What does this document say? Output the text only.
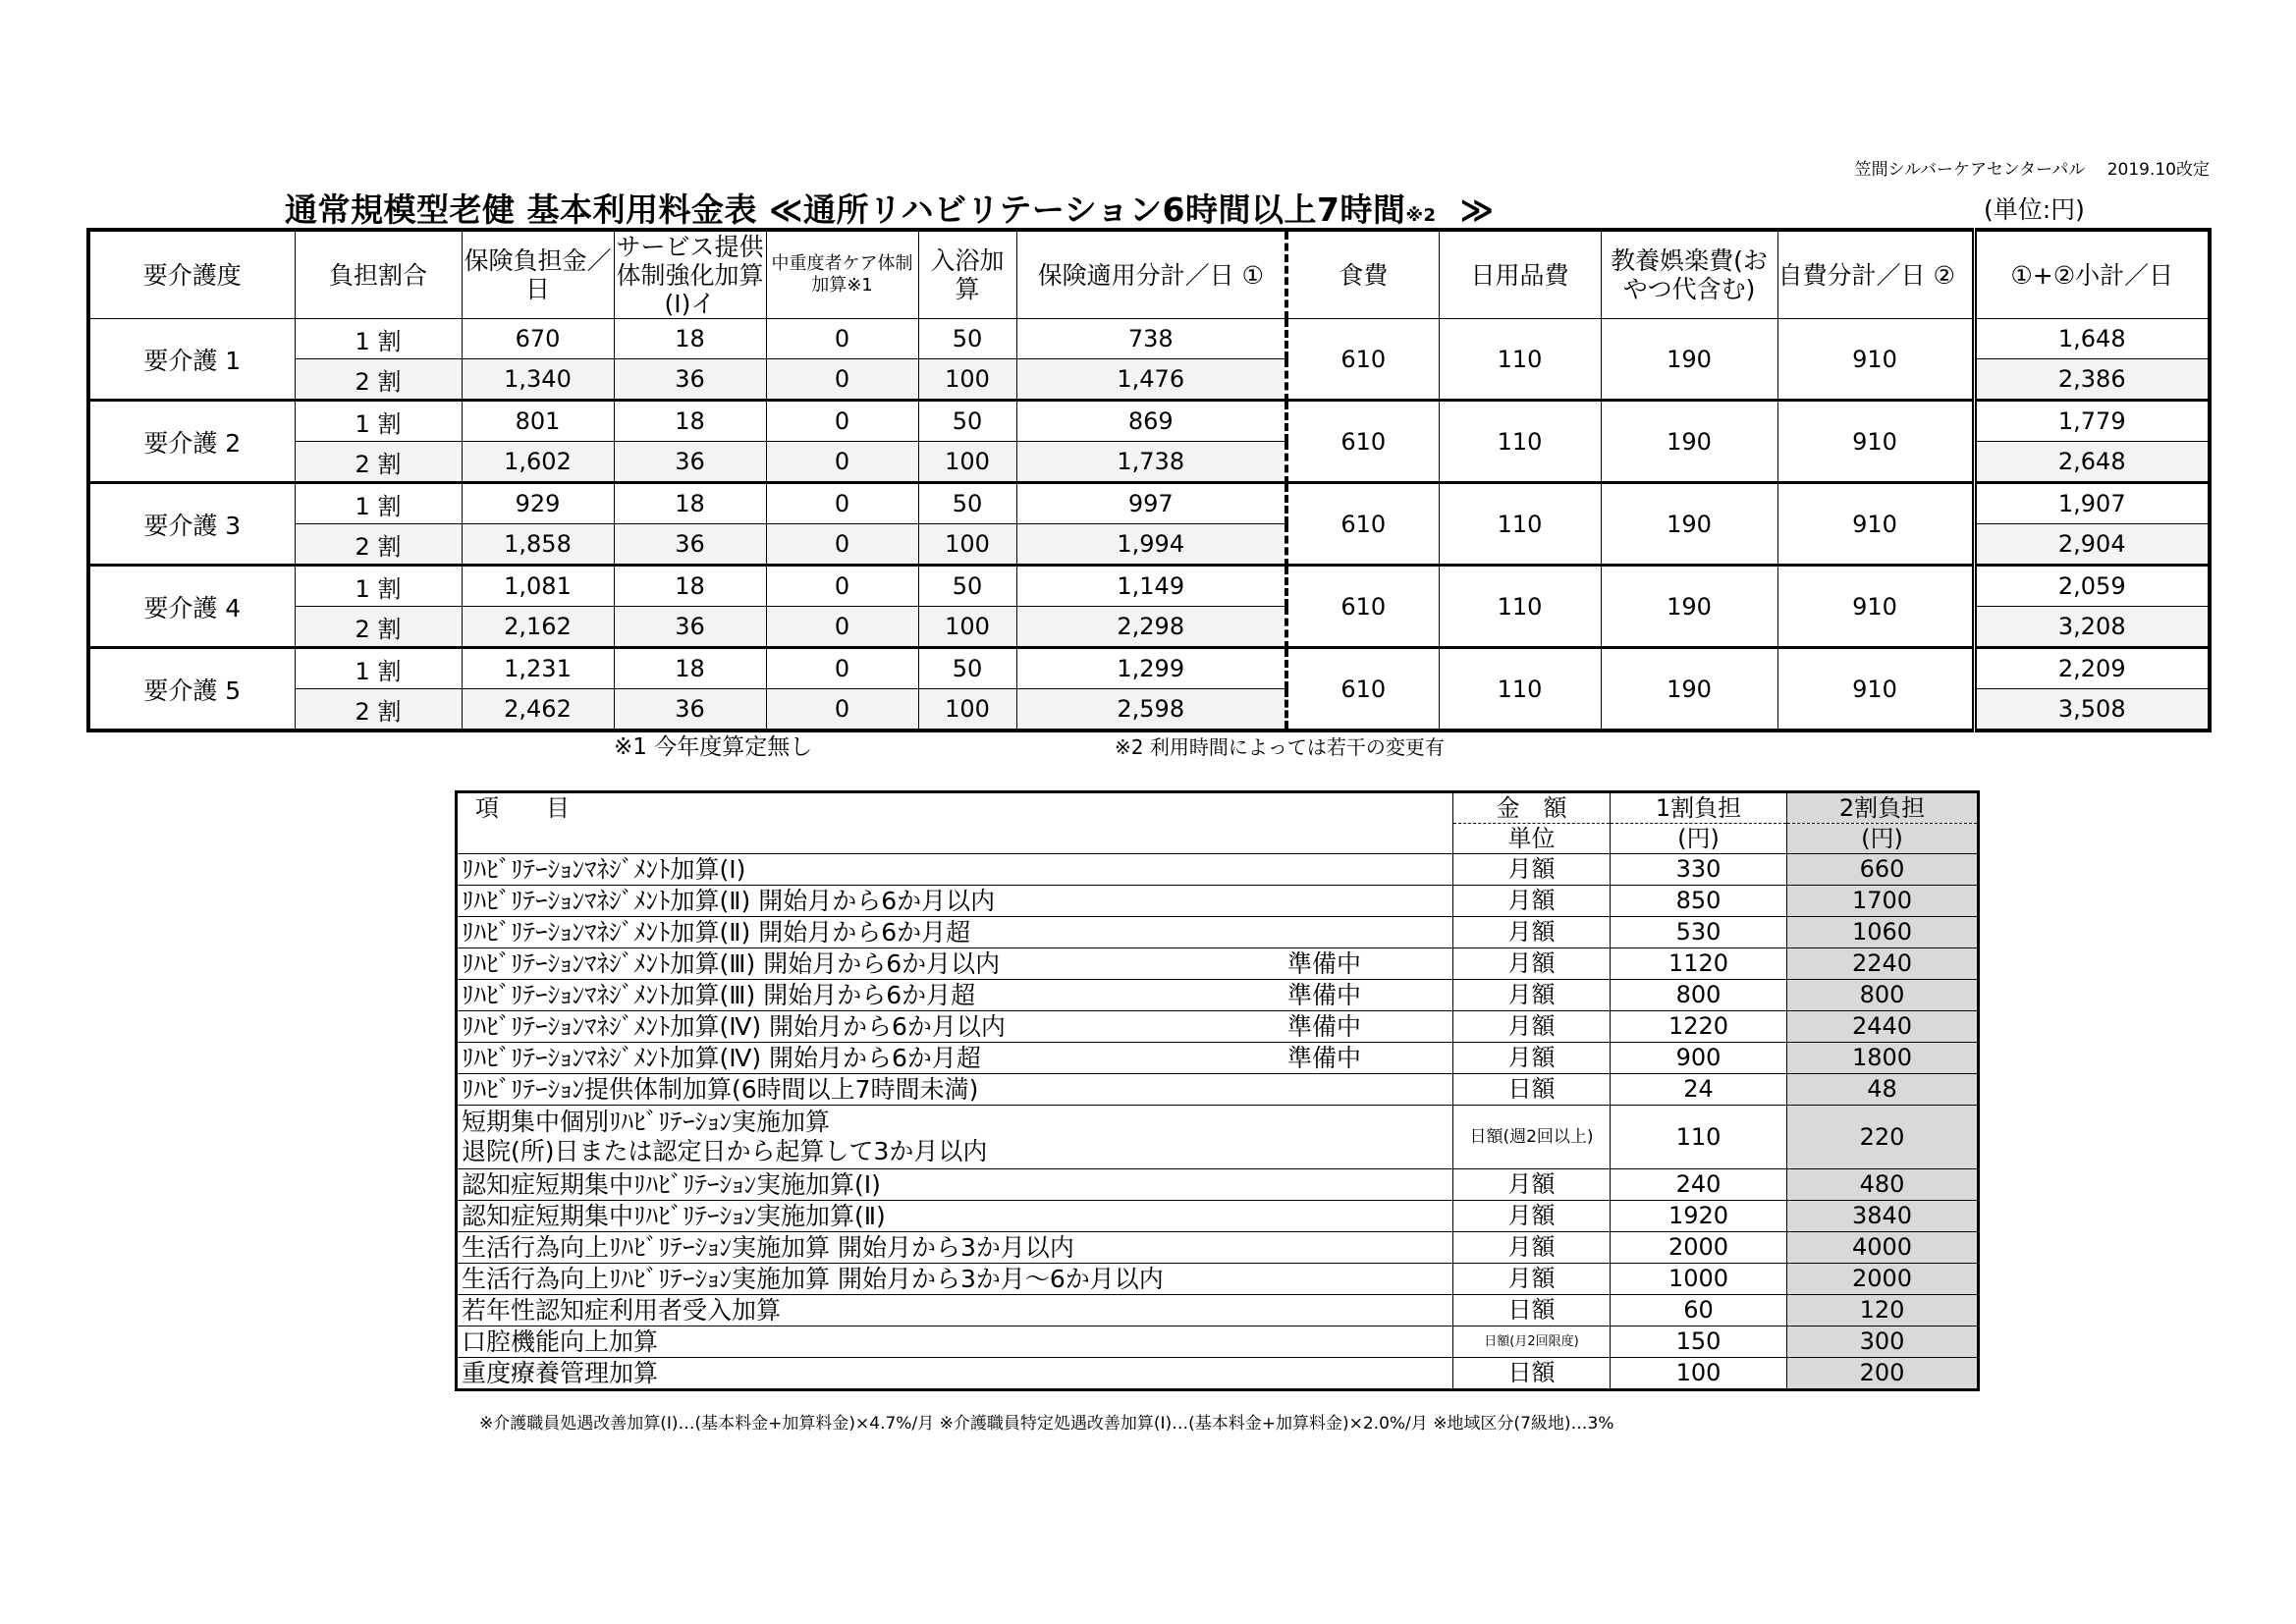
笠間シルバーケアセンターパル　 2019.10改定
通常規模型老健 基本利用料金表 ≪通所リハビリテーション6時間以上7時間※2 ≫	(単位:円)
要介護度	負担割合	保険負担金／日	サービス提供体制強化加算(Ⅰ)イ	中重度者ケア体制加算※1	入浴加算	保険適用分計／日 ①	食費	日用品費	教養娯楽費(おやつ代含む)	自費分計／日 ②	①+②小計／日
要介護 1	1 割	670	18	0	50	738	610	110	190	910	1,648
	2 割	1,340	36	0	100	1,476					2,386
要介護 2	1 割	801	18	0	50	869	610	110	190	910	1,779
	2 割	1,602	36	0	100	1,738					2,648
要介護 3	1 割	929	18	0	50	997	610	110	190	910	1,907
	2 割	1,858	36	0	100	1,994					2,904
要介護 4	1 割	1,081	18	0	50	1,149	610	110	190	910	2,059
	2 割	2,162	36	0	100	2,298					3,208
要介護 5	1 割	1,231	18	0	50	1,299	610	110	190	910	2,209
	2 割	2,462	36	0	100	2,598					3,508
※1 今年度算定無し	※2 利用時間によっては若干の変更有
項　　目	金　額	1割負担	2割負担
	単位	(円)	(円)
ﾘﾊﾋﾞﾘﾃｰｼｮﾝﾏﾈｼﾞﾒﾝﾄ加算(Ⅰ)	月額	330	660
ﾘﾊﾋﾞﾘﾃｰｼｮﾝﾏﾈｼﾞﾒﾝﾄ加算(Ⅱ) 開始月から6か月以内	月額	850	1700
ﾘﾊﾋﾞﾘﾃｰｼｮﾝﾏﾈｼﾞﾒﾝﾄ加算(Ⅱ) 開始月から6か月超	月額	530	1060
ﾘﾊﾋﾞﾘﾃｰｼｮﾝﾏﾈｼﾞﾒﾝﾄ加算(Ⅲ) 開始月から6か月以内 準備中	月額	1120	2240
ﾘﾊﾋﾞﾘﾃｰｼｮﾝﾏﾈｼﾞﾒﾝﾄ加算(Ⅲ) 開始月から6か月超 準備中	月額	800	800
ﾘﾊﾋﾞﾘﾃｰｼｮﾝﾏﾈｼﾞﾒﾝﾄ加算(Ⅳ) 開始月から6か月以内 準備中	月額	1220	2440
ﾘﾊﾋﾞﾘﾃｰｼｮﾝﾏﾈｼﾞﾒﾝﾄ加算(Ⅳ) 開始月から6か月超 準備中	月額	900	1800
ﾘﾊﾋﾞﾘﾃｰｼｮﾝ提供体制加算(6時間以上7時間未満)	日額	24	48
短期集中個別ﾘﾊﾋﾞﾘﾃｰｼｮﾝ実施加算
退院(所)日または認定日から起算して3か月以内	日額(週2回以上)	110	220
認知症短期集中ﾘﾊﾋﾞﾘﾃｰｼｮﾝ実施加算(Ⅰ)	月額	240	480
認知症短期集中ﾘﾊﾋﾞﾘﾃｰｼｮﾝ実施加算(Ⅱ)	月額	1920	3840
生活行為向上ﾘﾊﾋﾞﾘﾃｰｼｮﾝ実施加算 開始月から3か月以内	月額	2000	4000
生活行為向上ﾘﾊﾋﾞﾘﾃｰｼｮﾝ実施加算 開始月から3か月～6か月以内	月額	1000	2000
若年性認知症利用者受入加算	日額	60	120
口腔機能向上加算	日額(月2回限度)	150	300
重度療養管理加算	日額	100	200
※介護職員処遇改善加算(Ⅰ)…(基本料金+加算料金)×4.7%/月 ※介護職員特定処遇改善加算(Ⅰ)…(基本料金+加算料金)×2.0%/月 ※地域区分(7級地)…3%
